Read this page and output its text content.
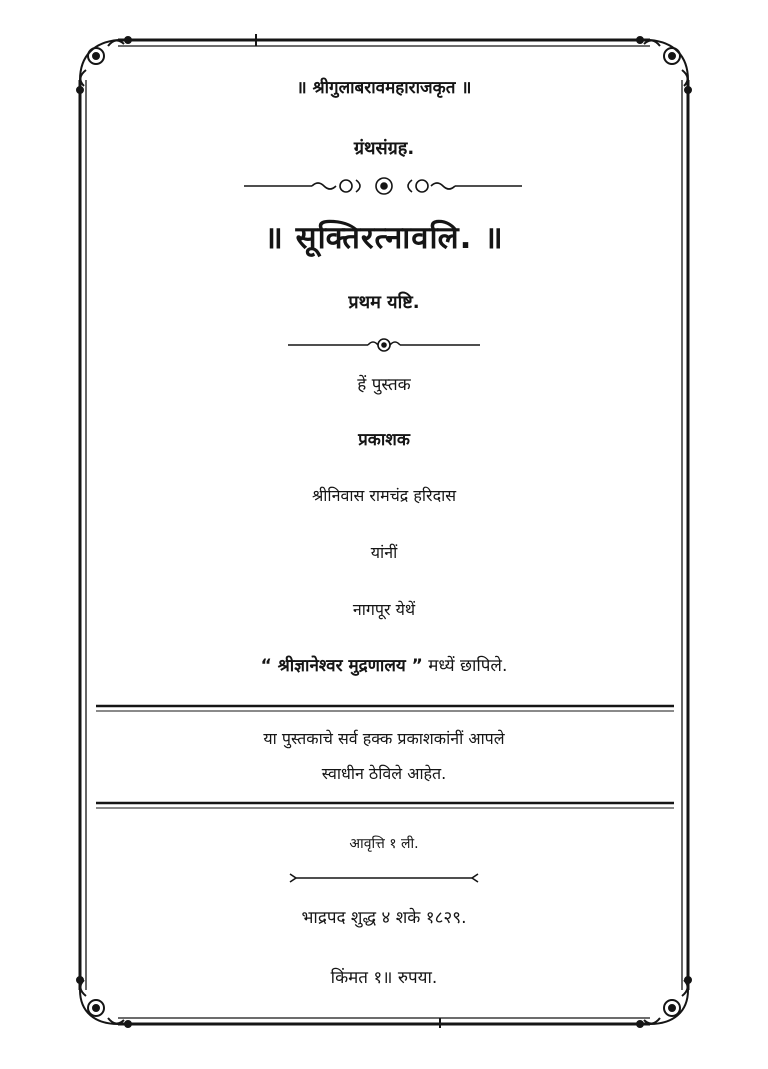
॥ श्रीगुलाबरावमहाराजकृत ॥
ग्रंथसंग्रह.
॥ सूक्तिरत्नावलि. ॥
प्रथम यष्टि.
हें पुस्तक
प्रकाशक
श्रीनिवास रामचंद्र हरिदास
यांनीं
नागपूर येथें
“ श्रीज्ञानेश्वर मुद्रणालय ” मध्यें छापिले.
या पुस्तकाचे सर्व हक्क प्रकाशकांनीं आपले
स्वाधीन ठेविले आहेत.
आवृत्ति १ ली.
भाद्रपद शुद्ध ४ शके १८२९.
किंमत १॥ रुपया.
